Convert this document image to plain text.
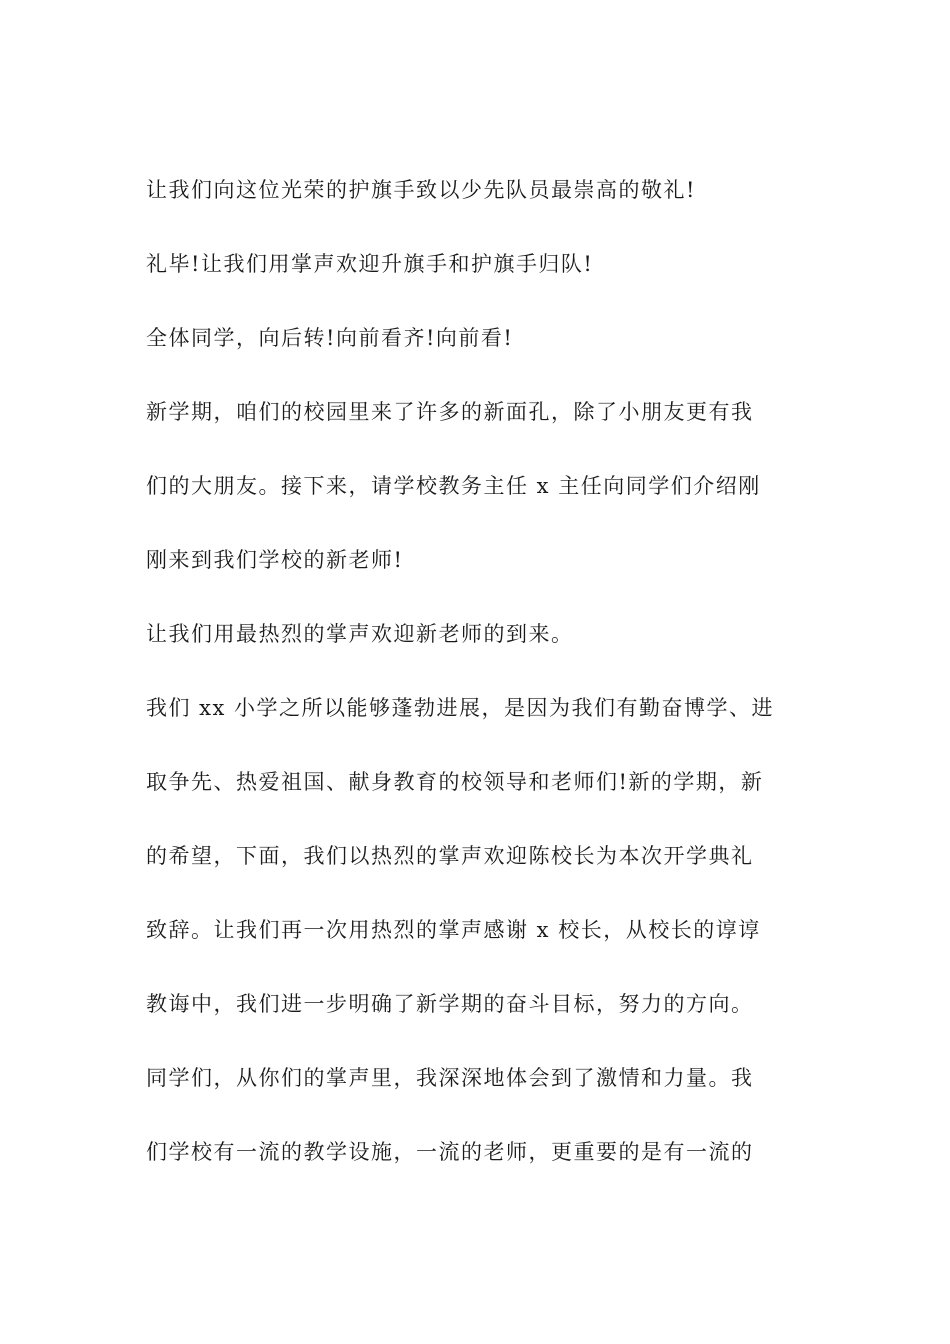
让我们向这位光荣的护旗手致以少先队员最崇高的敬礼!

礼毕!让我们用掌声欢迎升旗手和护旗手归队!

全体同学，向后转!向前看齐!向前看!

新学期，咱们的校园里来了许多的新面孔，除了小朋友更有我

们的大朋友。接下来，请学校教务主任 x 主任向同学们介绍刚

刚来到我们学校的新老师!

让我们用最热烈的掌声欢迎新老师的到来。

我们 xx 小学之所以能够蓬勃进展，是因为我们有勤奋博学、进

取争先、热爱祖国、献身教育的校领导和老师们!新的学期，新

的希望，下面，我们以热烈的掌声欢迎陈校长为本次开学典礼

致辞。让我们再一次用热烈的掌声感谢 x 校长，从校长的谆谆

教诲中，我们进一步明确了新学期的奋斗目标，努力的方向。

同学们，从你们的掌声里，我深深地体会到了激情和力量。我

们学校有一流的教学设施，一流的老师，更重要的是有一流的
